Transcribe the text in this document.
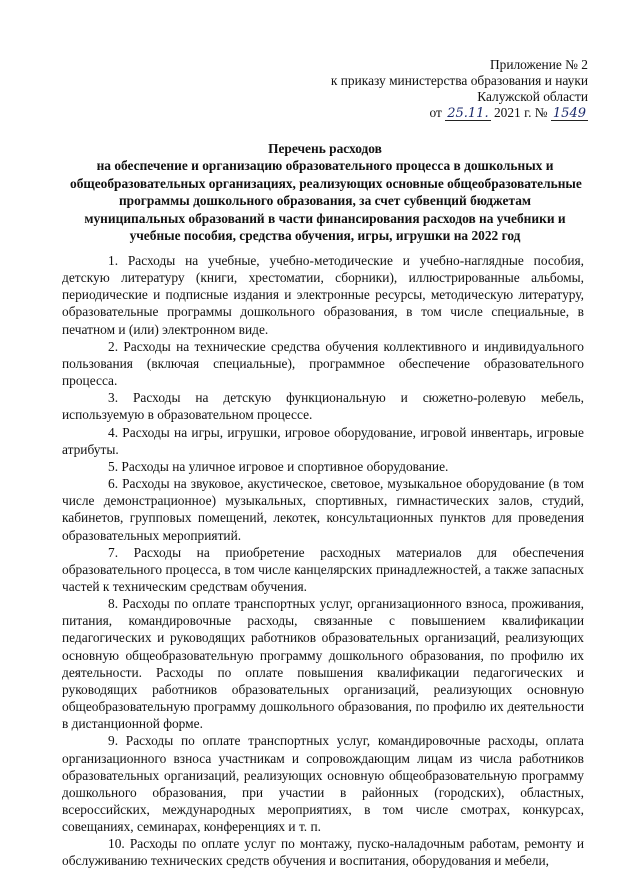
Приложение № 2
к приказу министерства образования и науки
Калужской области
от 25.11. 2021 г. № 1549
Перечень расходов
на обеспечение и организацию образовательного процесса в дошкольных и
общеобразовательных организациях, реализующих основные общеобразовательные
программы дошкольного образования, за счет субвенций бюджетам
муниципальных образований в части финансирования расходов на учебники и
учебные пособия, средства обучения, игры, игрушки на 2022 год

1. Расходы на учебные, учебно-методические и учебно-наглядные пособия, детскую литературу (книги, хрестоматии, сборники), иллюстрированные альбомы, периодические и подписные издания и электронные ресурсы, методическую литературу, образовательные программы дошкольного образования, в том числе специальные, в печатном и (или) электронном виде.

2. Расходы на технические средства обучения коллективного и индивидуального пользования (включая специальные), программное обеспечение образовательного процесса.

3. Расходы на детскую функциональную и сюжетно-ролевую мебель, используемую в образовательном процессе.

4. Расходы на игры, игрушки, игровое оборудование, игровой инвентарь, игровые атрибуты.

5. Расходы на уличное игровое и спортивное оборудование.

6. Расходы на звуковое, акустическое, световое, музыкальное оборудование (в том числе демонстрационное) музыкальных, спортивных, гимнастических залов, студий, кабинетов, групповых помещений, лекотек, консультационных пунктов для проведения образовательных мероприятий.

7. Расходы на приобретение расходных материалов для обеспечения образовательного процесса, в том числе канцелярских принадлежностей, а также запасных частей к техническим средствам обучения.

8. Расходы по оплате транспортных услуг, организационного взноса, проживания, питания, командировочные расходы, связанные с повышением квалификации педагогических и руководящих работников образовательных организаций, реализующих основную общеобразовательную программу дошкольного образования, по профилю их деятельности. Расходы по оплате повышения квалификации педагогических и руководящих работников образовательных организаций, реализующих основную общеобразовательную программу дошкольного образования, по профилю их деятельности в дистанционной форме.

9. Расходы по оплате транспортных услуг, командировочные расходы, оплата организационного взноса участникам и сопровождающим лицам из числа работников образовательных организаций, реализующих основную общеобразовательную программу дошкольного образования, при участии в районных (городских), областных, всероссийских, международных мероприятиях, в том числе смотрах, конкурсах, совещаниях, семинарах, конференциях и т. п.

10. Расходы по оплате услуг по монтажу, пуско-наладочным работам, ремонту и обслуживанию технических средств обучения и воспитания, оборудования и мебели,
